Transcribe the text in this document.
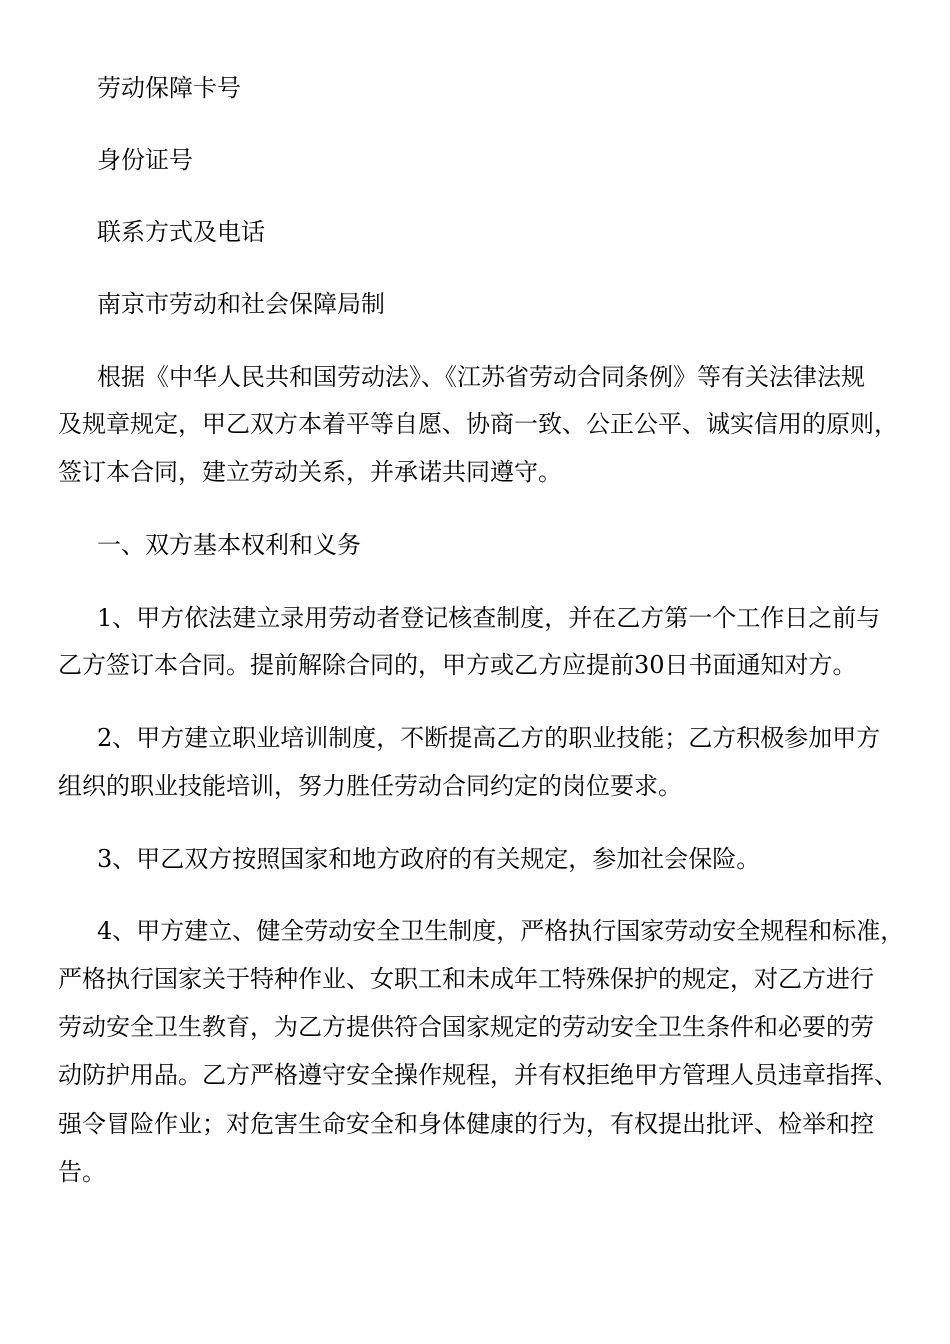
劳动保障卡号

身份证号

联系方式及电话

南京市劳动和社会保障局制

根据《中华人民共和国劳动法》、《江苏省劳动合同条例》等有关法律法规

及规章规定，甲乙双方本着平等自愿、协商一致、公正公平、诚实信用的原则，

签订本合同，建立劳动关系，并承诺共同遵守。

一、双方基本权利和义务

1、甲方依法建立录用劳动者登记核查制度，并在乙方第一个工作日之前与

乙方签订本合同。提前解除合同的，甲方或乙方应提前30日书面通知对方。

2、甲方建立职业培训制度，不断提高乙方的职业技能；乙方积极参加甲方

组织的职业技能培训，努力胜任劳动合同约定的岗位要求。

3、甲乙双方按照国家和地方政府的有关规定，参加社会保险。

4、甲方建立、健全劳动安全卫生制度，严格执行国家劳动安全规程和标准，

严格执行国家关于特种作业、女职工和未成年工特殊保护的规定，对乙方进行

劳动安全卫生教育，为乙方提供符合国家规定的劳动安全卫生条件和必要的劳

动防护用品。乙方严格遵守安全操作规程，并有权拒绝甲方管理人员违章指挥、

强令冒险作业；对危害生命安全和身体健康的行为，有权提出批评、检举和控

告。
